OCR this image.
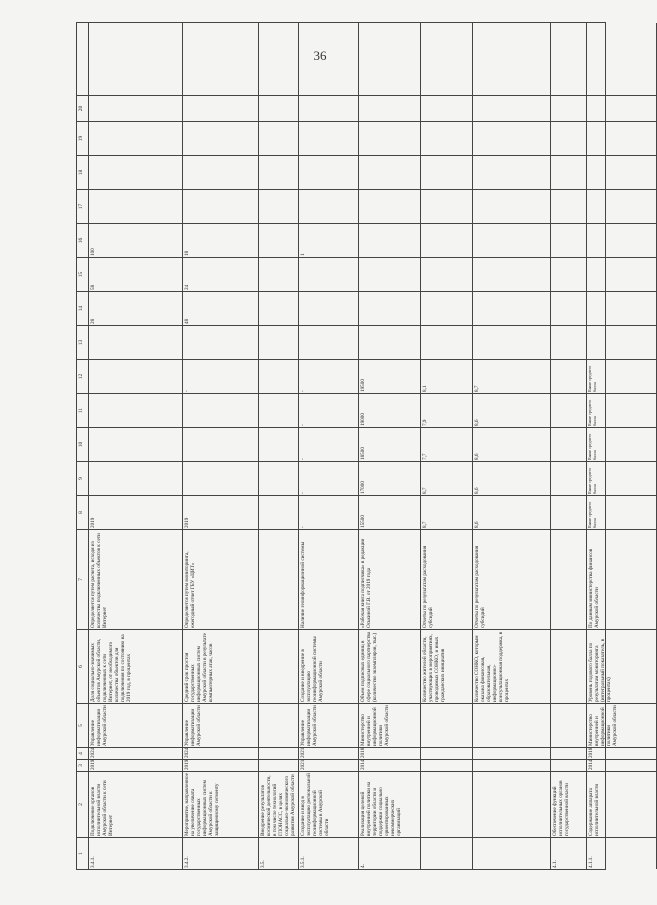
36
1
2
3
4
5
6
7
8
9
10
11
12
13
14
15
16
17
18
19
20
3.4.1.
Подключение органов исполнительной власти Амурской области к сети Интернет
2019
2024
Управление информатизации Амурской области
Доля социально-значимых объектов Амурской области, подключенных к сети Интернет, от необходимого количества объектов для подключения по состоянию на 2019 год, в процентах
Определяется путем расчета, исходя из количества подключенных объектов к сети Интернет
2019
28
58
100
3.4.2.
Мероприятие, направленное на увеличение охвата государственных информационных систем Амурской области к защищенному сегменту
2019
2024
Управление информатизации Амурской области
Средний срок простоя государственных информационных систем Амурской области в результате компьютерных атак, часов
Определяется путем мониторинга, ежегодный отчет ГБУ «ЦИТ»
2019
-
48
24
18
3.5.
Внедрение результатов космической деятельности, в том числе технологий ГЛОНАСС, в целях социально-экономического развития Амурской области
3.5.1.
Создание и ввод в эксплуатацию региональной геоинформационной системы в Амурской области
2021
2021
Управление информатизации Амурской области
Создание и внедрение в эксплуатацию геоинформационной системы Амурской области
Наличие геоинформационной системы
-
-
-
-
-
1
4.
Реализация целевой внутренней политики на территории области и поддержки социально ориентированных некоммерческих организаций
2014
2018
Министерство внутренней и информационной политики Амурской области
Объем подписных единиц в сфере социального партнерства (количество экземпляров, тыс.)
«Рабочая книга подписчика» в редакции Оськиной Г.В. от 2019 года
15500
17000
18500
19000
19500
Количество жителей области, участвующих в мероприятиях, проводимых СОНКО, и иных гражданских инициатив
Отчеты по результатам расходования субсидий
8,7
8,7
7,7
7,9
8,1
Количество СОНКО, которым оказана финансовая, образовательная, информационно-консультационная поддержка, в процентах
Отчеты по результатам расходования субсидий
8,6
8,6
8,6
8,6
8,7
4.1.
Обеспечение функций исполнительных органов государственной власти
4.1.1.
Содержание аппарата исполнительной власти
2014
2018
Министерство внутренней и информационной политики Амурской области
Уровень годового балла по результатам мониторинга (интегральный показатель, в процентах)
По данным министерства финансов Амурской области
Выше среднего балла
Выше среднего балла
Выше среднего балла
Выше среднего балла
Выше среднего балла
